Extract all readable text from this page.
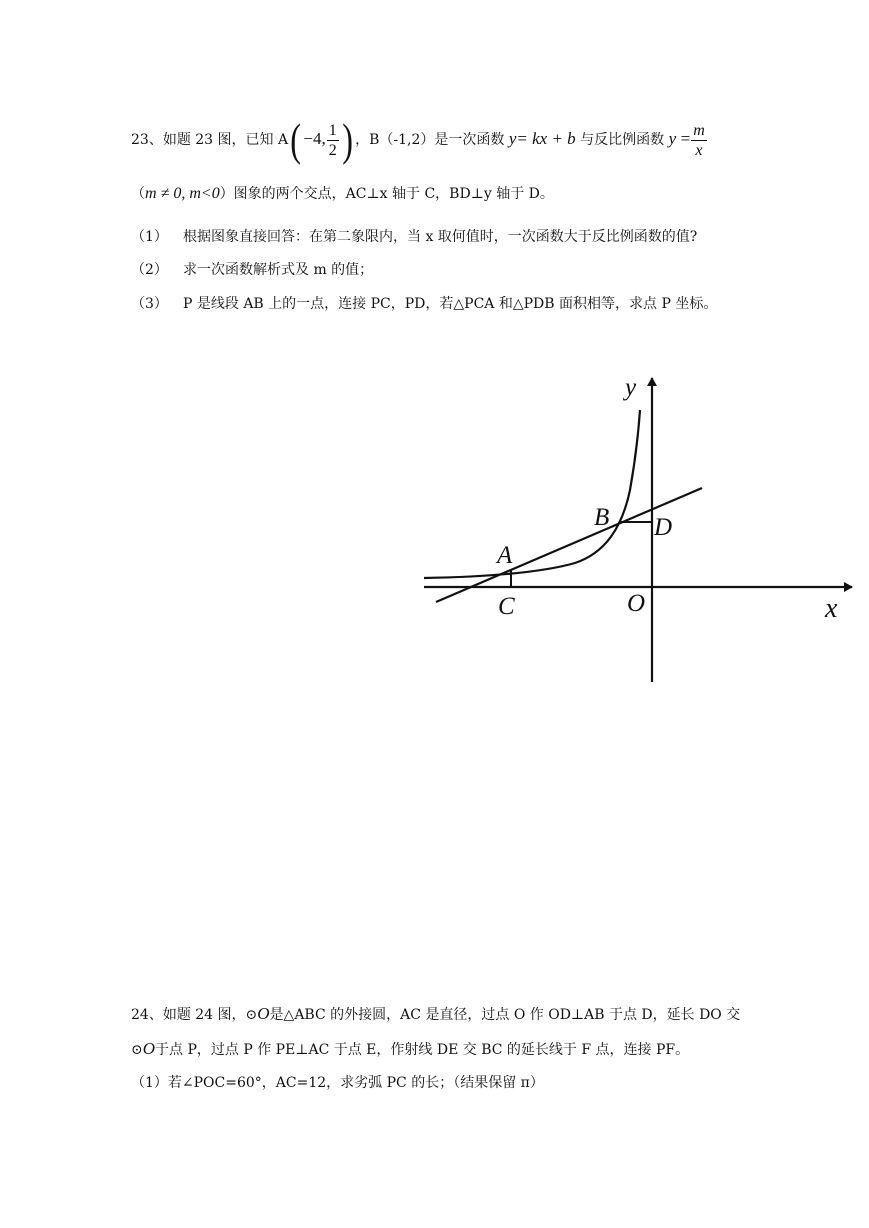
23、如题 23 图，已知 A( −4, $\frac{1}{2}$ ) ，B（-1,2）是一次函数 y= kx + b 与反比例函数 $y = \frac{m}{x}$
（m ≠ 0, m<0）图象的两个交点，AC⊥x 轴于 C，BD⊥y 轴于 D。
（1） 根据图象直接回答：在第二象限内，当 x 取何值时，一次函数大于反比例函数的值?
（2） 求一次函数解析式及 m 的值；
（3） P 是线段 AB 上的一点，连接 PC，PD，若△PCA 和△PDB 面积相等，求点 P 坐标。
A
B
C
D
O	x
y
24、如题 24 图，⊙O是△ABC 的外接圆，AC 是直径，过点 O 作 OD⊥AB 于点 D，延长 DO 交
⊙O于点 P，过点 P 作 PE⊥AC 于点 E，作射线 DE 交 BC 的延长线于 F 点，连接 PF。
（1）若∠POC=60°，AC=12，求劣弧 PC 的长；（结果保留 π）
